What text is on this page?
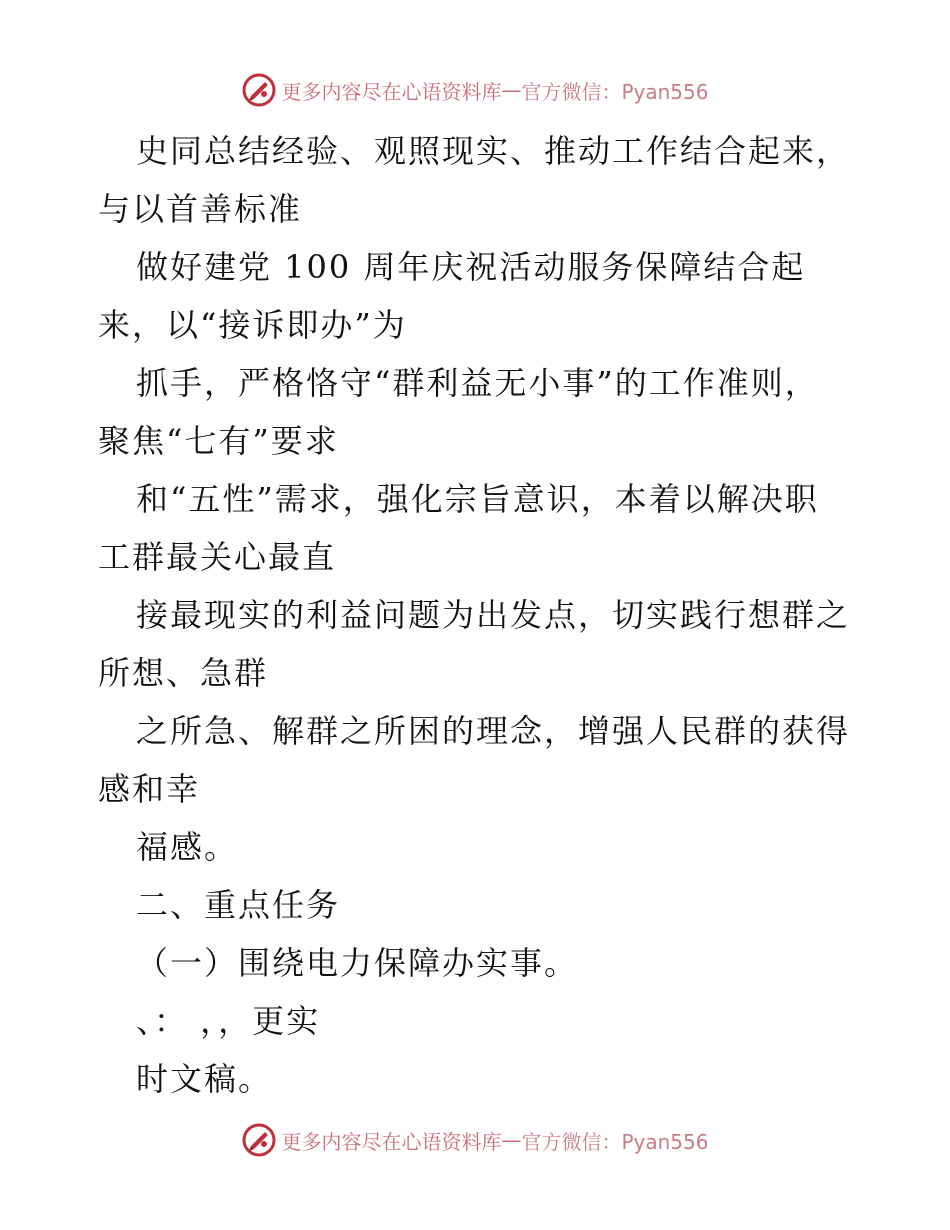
更多内容尽在心语资料库 — 官方微信：Pyan556
史同总结经验、观照现实、推动工作结合起来，
与以首善标准
做好建党 100 周年庆祝活动服务保障结合起
来，以“接诉即办”为
抓手，严格恪守“群利益无小事”的工作准则，
聚焦“七有”要求
和“五性”需求，强化宗旨意识，本着以解决职
工群最关心最直
接最现实的利益问题为出发点，切实践行想群之
所想、急群
之所急、解群之所困的理念，增强人民群的获得
感和幸
福感。
二、重点任务
（一）围绕电力保障办实事。
、： ，，更实
时文稿。
更多内容尽在心语资料库 — 官方微信：Pyan556
